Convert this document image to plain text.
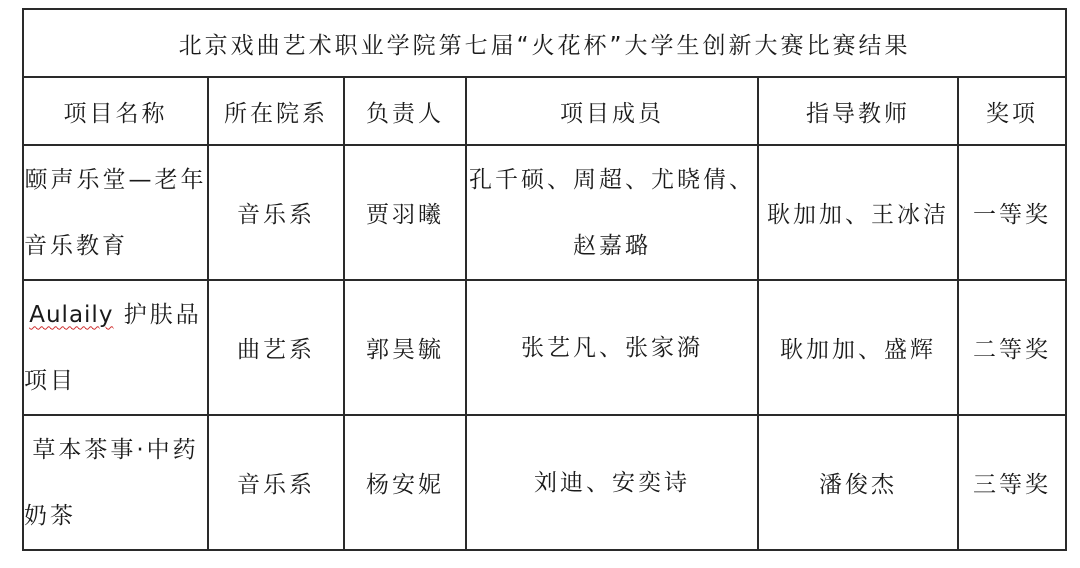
北京戏曲艺术职业学院第七届“火花杯”大学生创新大赛比赛结果					
项目名称	所在院系	负责人	项目成员	指导教师	奖项
颐声乐堂—老年音乐教育	音乐系	贾羽曦	孔千硕、周超、尤晓倩、赵嘉璐	耿加加、王冰洁	一等奖
Aulaily 护肤品项目	曲艺系	郭昊毓	张艺凡、张家漪	耿加加、盛辉	二等奖
草本茶事·中药奶茶	音乐系	杨安妮	刘迪、安奕诗	潘俊杰	三等奖
